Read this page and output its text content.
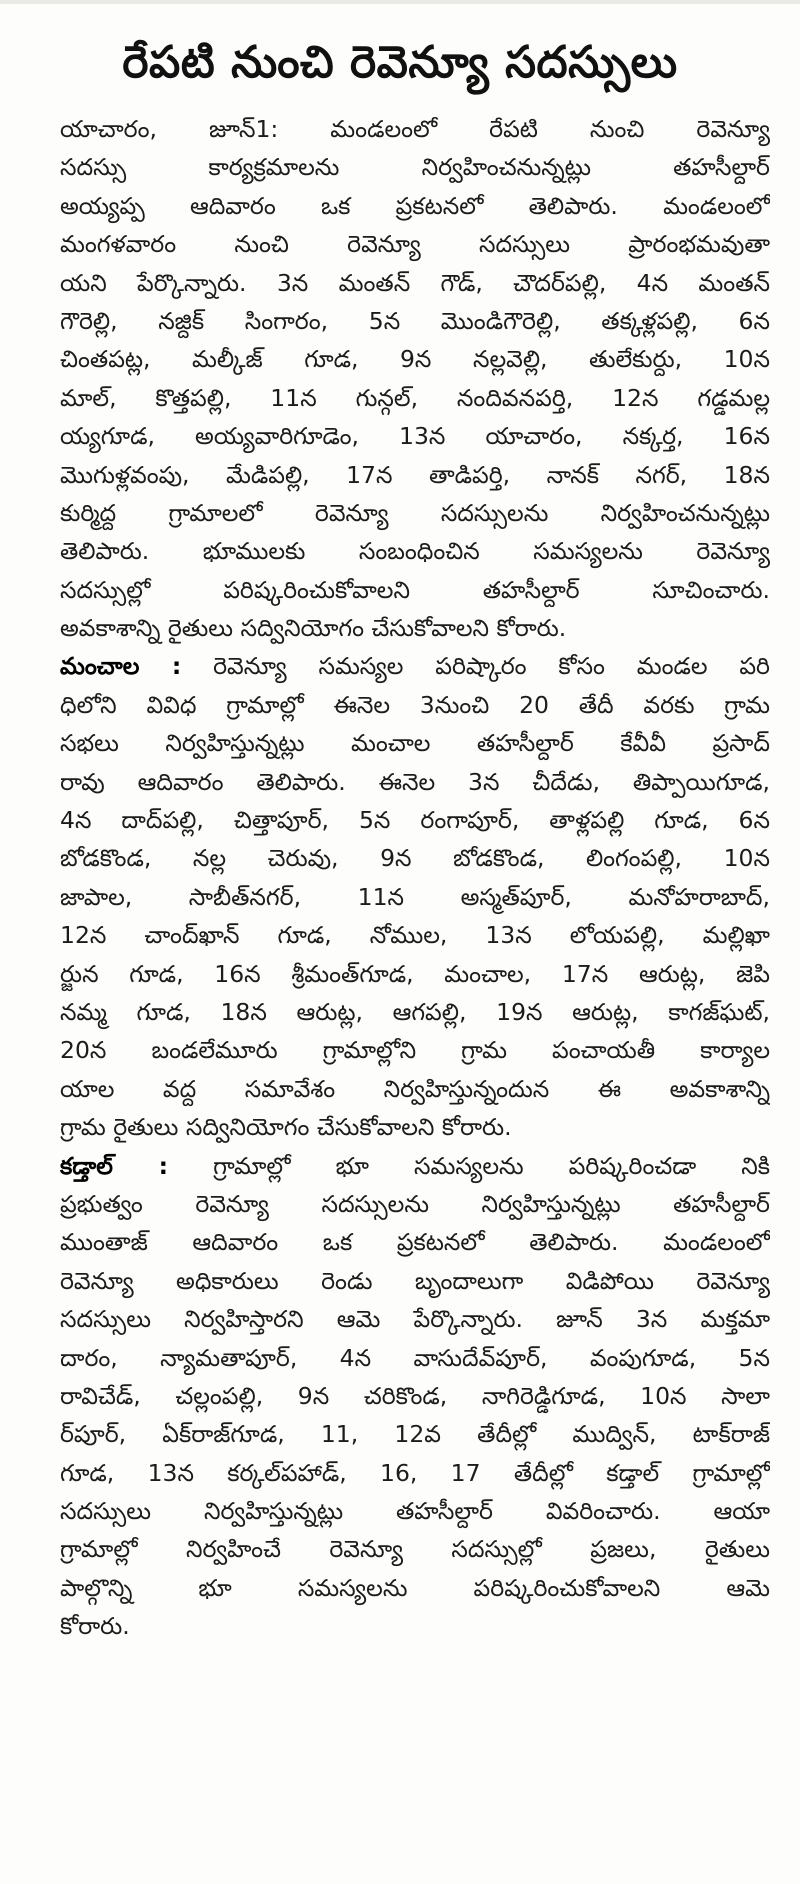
రేపటి నుంచి రెవెన్యూ సదస్సులు
యాచారం, జూన్‌1: మండలంలో రేపటి నుంచి రెవెన్యూ
సదస్సు కార్యక్రమాలను నిర్వహించనున్నట్లు తహసీల్దార్‌
అయ్యప్ప ఆదివారం ఒక ప్రకటనలో తెలిపారు. మండలంలో
మంగళవారం నుంచి రెవెన్యూ సదస్సులు ప్రారంభమవుతా
యని పేర్కొన్నారు. 3న మంతన్‌ గౌడ్‌, చౌదర్‌పల్లి, 4న మంతన్‌
గౌరెల్లి, నజ్దిక్‌ సింగారం, 5న మొండిగౌరెల్లి, తక్కళ్లపల్లి, 6న
చింతపట్ల, మల్కీజ్‌ గూడ, 9న నల్లవెల్లి, తులేకుర్దు, 10న
మాల్‌, కొత్తపల్లి, 11న గున్గల్‌, నందివనపర్తి, 12న గడ్డమల్ల
య్యగూడ, అయ్యవారిగూడెం, 13న యాచారం, నక్కర్త, 16న
మొగుళ్లవంపు, మేడిపల్లి, 17న తాడిపర్తి, నానక్‌ నగర్‌, 18న
కుర్మిద్ద గ్రామాలలో రెవెన్యూ సదస్సులను నిర్వహించనున్నట్లు
తెలిపారు. భూములకు సంబంధించిన సమస్యలను రెవెన్యూ
సదస్సుల్లో పరిష్కరించుకోవాలని తహసీల్దార్‌ సూచించారు.
అవకాశాన్ని రైతులు సద్వినియోగం చేసుకోవాలని కోరారు.
మంచాల : రెవెన్యూ సమస్యల పరిష్కారం కోసం మండల పరి
ధిలోని వివిధ గ్రామాల్లో ఈనెల 3నుంచి 20 తేదీ వరకు గ్రామ
సభలు నిర్వహిస్తున్నట్లు మంచాల తహసీల్దార్‌ కేవీవీ ప్రసాద్‌
రావు ఆదివారం తెలిపారు. ఈనెల 3న చీదేడు, తిప్పాయిగూడ,
4న దాద్‌పల్లి, చిత్తాపూర్‌, 5న రంగాపూర్‌, తాళ్లపల్లి గూడ, 6న
బోడకొండ, నల్ల చెరువు, 9న బోడకొండ, లింగంపల్లి, 10న
జాపాల, సాబీత్‌నగర్‌, 11న అస్మత్‌పూర్‌, మనోహరాబాద్‌,
12న చాంద్‌ఖాన్‌ గూడ, నోముల, 13న లోయపల్లి, మల్లిఖా
ర్జున గూడ, 16న శ్రీమంత్‌గూడ, మంచాల, 17న ఆరుట్ల, జెపి
నమ్మ గూడ, 18న ఆరుట్ల, ఆగపల్లి, 19న ఆరుట్ల, కాగజ్‌ఘట్‌,
20న బండలేమూరు గ్రామాల్లోని గ్రామ పంచాయతీ కార్యాల
యాల వద్ద సమావేశం నిర్వహిస్తున్నందున ఈ అవకాశాన్ని
గ్రామ రైతులు సద్వినియోగం చేసుకోవాలని కోరారు.
కడ్తాల్‌ : గ్రామాల్లో భూ సమస్యలను పరిష్కరించడా నికి
ప్రభుత్వం రెవెన్యూ సదస్సులను నిర్వహిస్తున్నట్లు తహసీల్దార్‌
ముంతాజ్‌ ఆదివారం ఒక ప్రకటనలో తెలిపారు. మండలంలో
రెవెన్యూ అధికారులు రెండు బృందాలుగా విడిపోయి రెవెన్యూ
సదస్సులు నిర్వహిస్తారని ఆమె పేర్కొన్నారు. జూన్‌ 3న మక్తమా
దారం, న్యామతాపూర్‌, 4న వాసుదేవ్‌పూర్‌, వంపుగూడ, 5న
రావిచేడ్‌, చల్లంపల్లి, 9న చరికొండ, నాగిరెడ్డిగూడ, 10న సాలా
ర్‌పూర్‌, ఏక్‌రాజ్‌గూడ, 11, 12వ తేదీల్లో ముద్విన్‌, టాక్‌రాజ్‌
గూడ, 13న కర్కల్‌పహాడ్‌, 16, 17 తేదీల్లో కడ్తాల్‌ గ్రామాల్లో
సదస్సులు నిర్వహిస్తున్నట్లు తహసీల్దార్‌ వివరించారు. ఆయా
గ్రామాల్లో నిర్వహించే రెవెన్యూ సదస్సుల్లో ప్రజలు, రైతులు
పాల్గొన్ని భూ సమస్యలను పరిష్కరించుకోవాలని ఆమె
కోరారు.
